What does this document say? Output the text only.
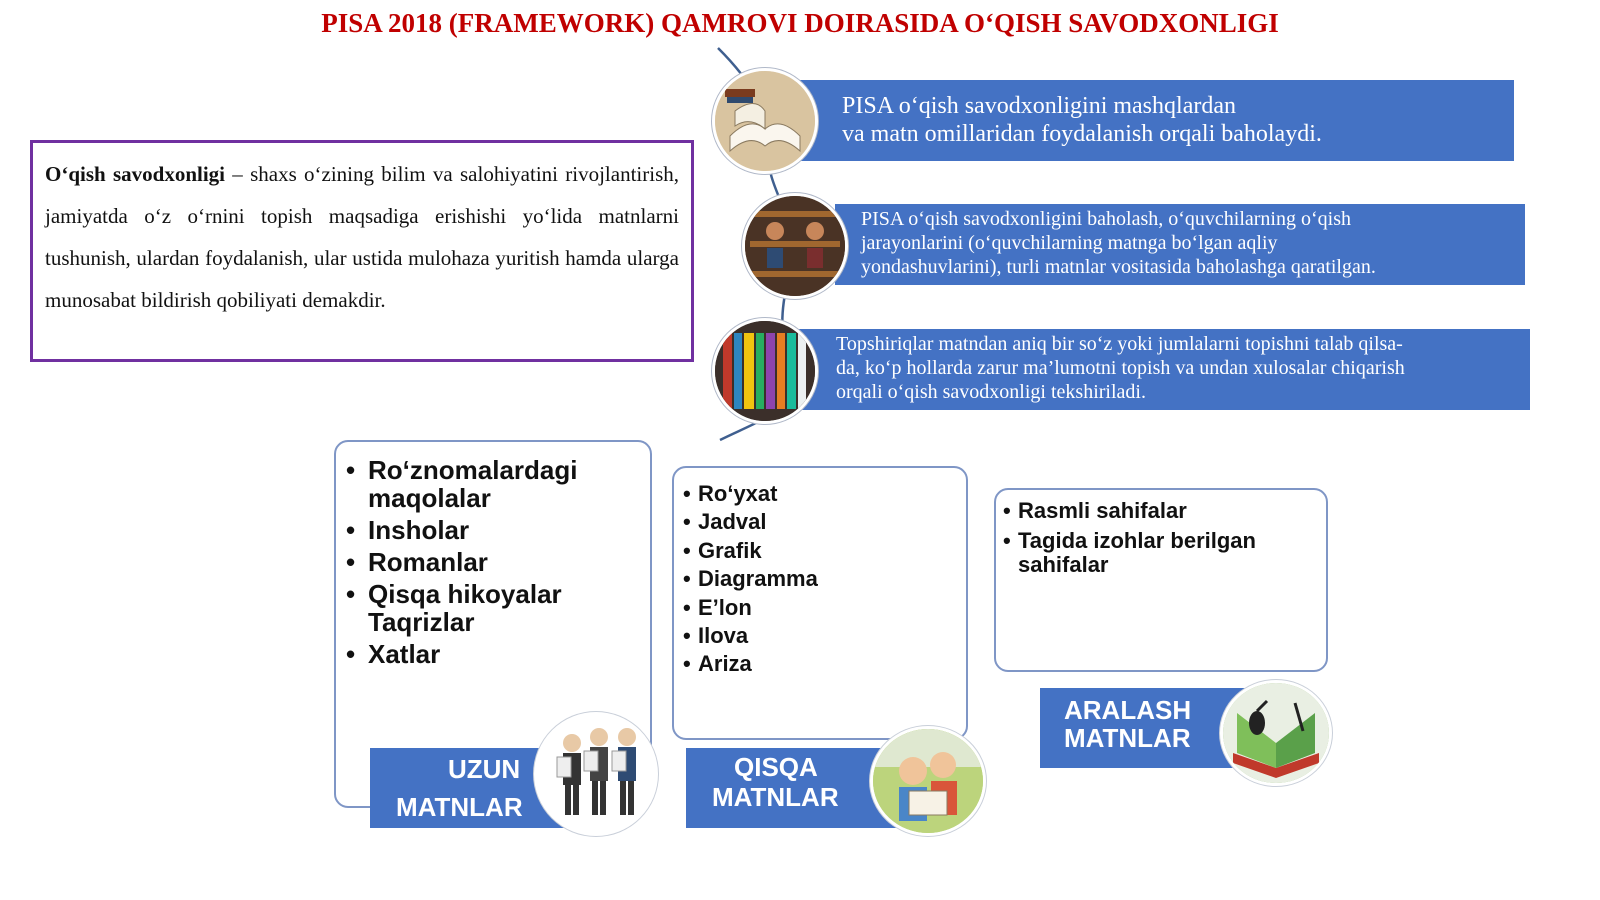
PISA 2018 (FRAMEWORK) QAMROVI DOIRASIDA O‘QISH SAVODXONLIGI
O‘qish savodxonligi – shaxs o‘zining bilim va salohiyatini rivojlantirish, jamiyatda o‘z o‘rnini topish maqsadiga erishishi yo‘lida matnlarni tushunish, ulardan foydalanish, ular ustida mulohaza yuritish hamda ularga munosabat bildirish qobiliyati demakdir.
PISA o‘qish savodxonligini mashqlardan
va matn omillaridan foydalanish orqali baholaydi.
PISA o‘qish savodxonligini baholash, o‘quvchilarning o‘qish
jarayonlarini (o‘quvchilarning matnga bo‘lgan aqliy
yondashuvlarini), turli matnlar vositasida baholashga qaratilgan.
Topshiriqlar matndan aniq bir so‘z yoki jumlalarni topishni talab qilsa-
da, ko‘p hollarda zarur ma’lumotni topish va undan xulosalar chiqarish
orqali o‘qish savodxonligi tekshiriladi.
• Ro‘znomalardagi maqolalar
• Insholar
• Romanlar
• Qisqa hikoyalar Taqrizlar
• Xatlar
• Ro‘yxat
• Jadval
• Grafik
• Diagramma
• E’lon
• Ilova
• Ariza
• Rasmli sahifalar
• Tagida izohlar berilgan sahifalar
UZUN
MATNLAR
QISQA
MATNLAR
ARALASH
MATNLAR
